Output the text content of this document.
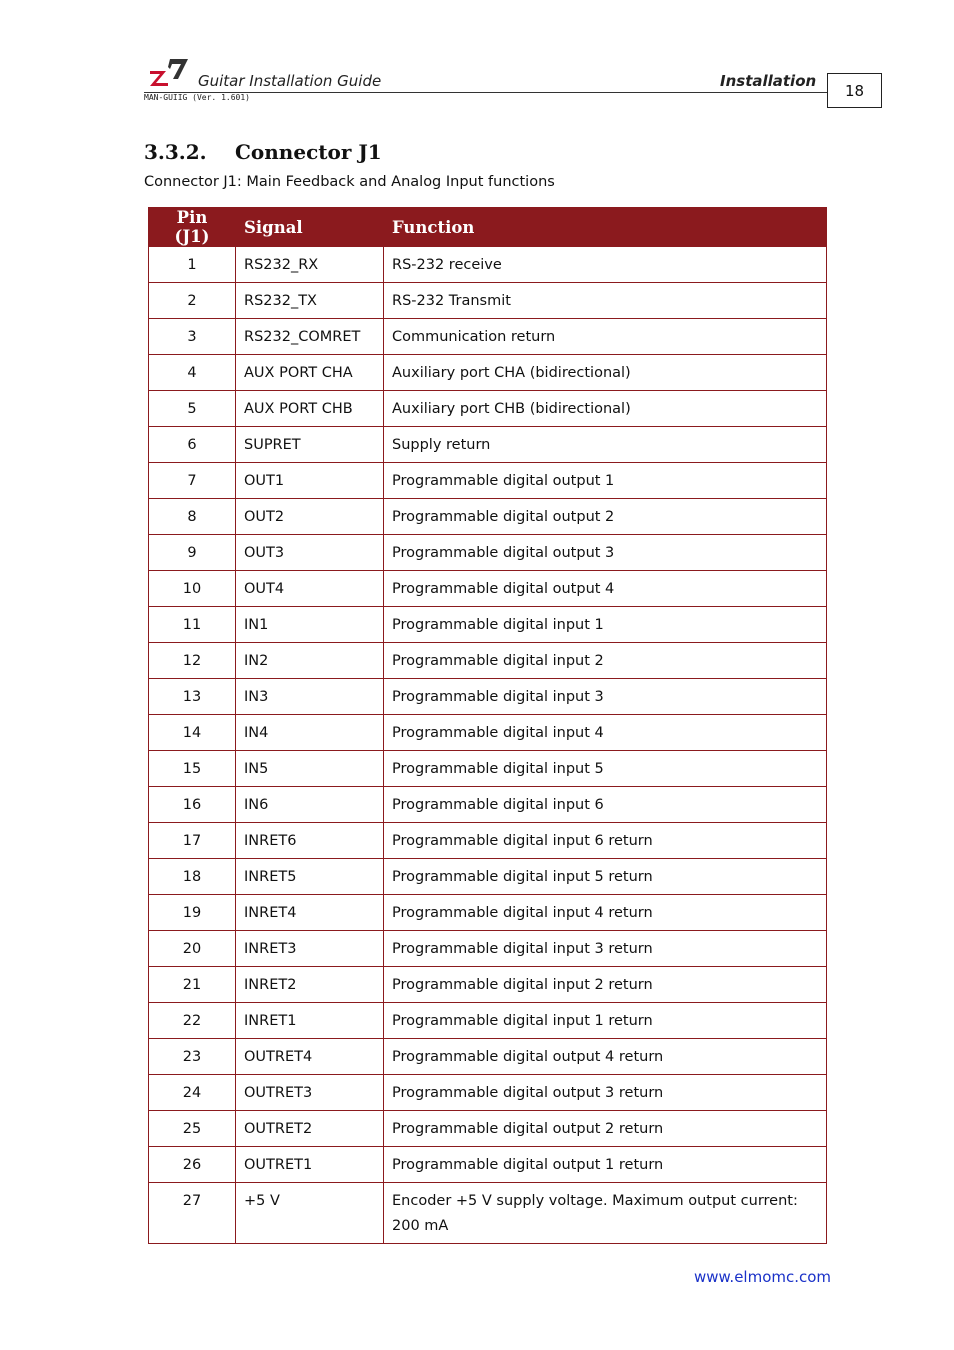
Guitar Installation Guide	Installation
MAN-GUIIG (Ver. 1.601)	18
3.3.2. Connector J1
Connector J1: Main Feedback and Analog Input functions
Pin (J1)	Signal	Function
1	RS232_RX	RS-232 receive
2	RS232_TX	RS-232 Transmit
3	RS232_COMRET	Communication return
4	AUX PORT CHA	Auxiliary port CHA (bidirectional)
5	AUX PORT CHB	Auxiliary port CHB (bidirectional)
6	SUPRET	Supply return
7	OUT1	Programmable digital output 1
8	OUT2	Programmable digital output 2
9	OUT3	Programmable digital output 3
10	OUT4	Programmable digital output 4
11	IN1	Programmable digital input 1
12	IN2	Programmable digital input 2
13	IN3	Programmable digital input 3
14	IN4	Programmable digital input 4
15	IN5	Programmable digital input 5
16	IN6	Programmable digital input 6
17	INRET6	Programmable digital input 6 return
18	INRET5	Programmable digital input 5 return
19	INRET4	Programmable digital input 4 return
20	INRET3	Programmable digital input 3 return
21	INRET2	Programmable digital input 2 return
22	INRET1	Programmable digital input 1 return
23	OUTRET4	Programmable digital output 4 return
24	OUTRET3	Programmable digital output 3 return
25	OUTRET2	Programmable digital output 2 return
26	OUTRET1	Programmable digital output 1 return
27	+5 V	Encoder +5 V supply voltage. Maximum output current: 200 mA
www.elmomc.com
